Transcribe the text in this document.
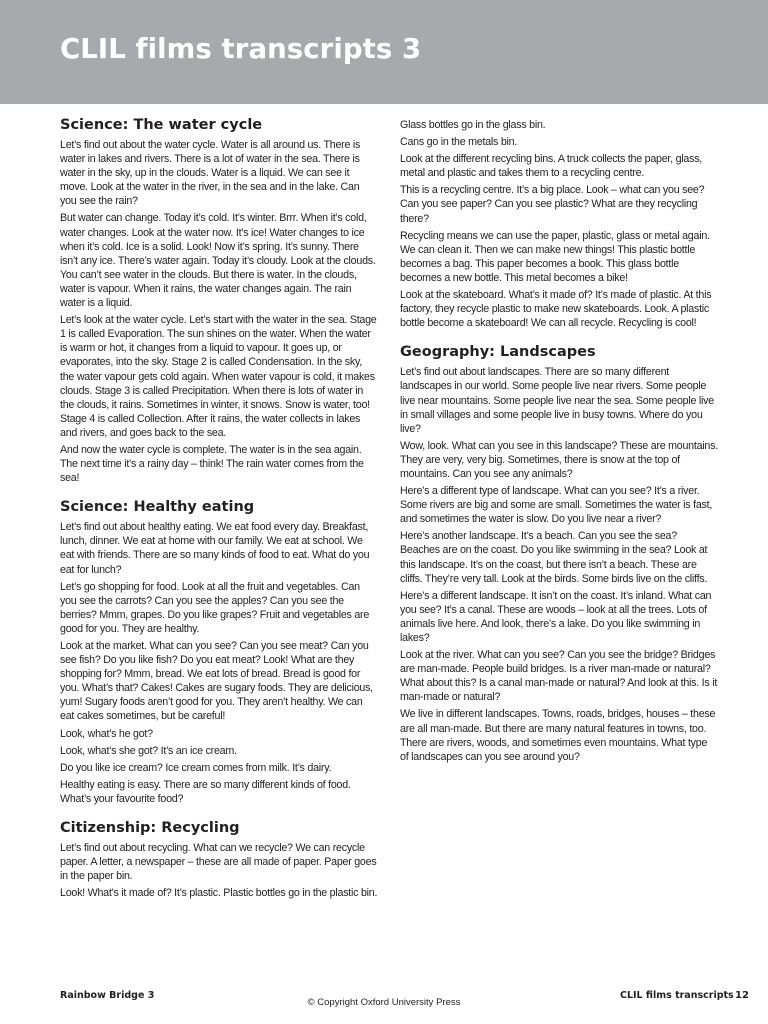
CLIL films transcripts 3
Science: The water cycle

Let’s find out about the water cycle. Water is all around us. There is water in lakes and rivers. There is a lot of water in the sea. There is water in the sky, up in the clouds. Water is a liquid. We can see it move. Look at the water in the river, in the sea and in the lake. Can you see the rain?

But water can change. Today it’s cold. It’s winter. Brrr. When it’s cold, water changes. Look at the water now. It’s ice! Water changes to ice when it’s cold. Ice is a solid. Look! Now it’s spring. It’s sunny. There isn’t any ice. There’s water again. Today it’s cloudy. Look at the clouds. You can’t see water in the clouds. But there is water. In the clouds, water is vapour. When it rains, the water changes again. The rain water is a liquid.

Let’s look at the water cycle. Let’s start with the water in the sea. Stage 1 is called Evaporation. The sun shines on the water. When the water is warm or hot, it changes from a liquid to vapour. It goes up, or evaporates, into the sky. Stage 2 is called Condensation. In the sky, the water vapour gets cold again. When water vapour is cold, it makes clouds. Stage 3 is called Precipitation. When there is lots of water in the clouds, it rains. Sometimes in winter, it snows. Snow is water, too! Stage 4 is called Collection. After it rains, the water collects in lakes and rivers, and goes back to the sea.

And now the water cycle is complete. The water is in the sea again. The next time it’s a rainy day – think! The rain water comes from the sea!

Science: Healthy eating

Let’s find out about healthy eating. We eat food every day. Breakfast, lunch, dinner. We eat at home with our family. We eat at school. We eat with friends. There are so many kinds of food to eat. What do you eat for lunch?

Let’s go shopping for food. Look at all the fruit and vegetables. Can you see the carrots? Can you see the apples? Can you see the berries? Mmm, grapes. Do you like grapes? Fruit and vegetables are good for you. They are healthy.

Look at the market. What can you see? Can you see meat? Can you see fish? Do you like fish? Do you eat meat? Look! What are they shopping for? Mmm, bread. We eat lots of bread. Bread is good for you. What’s that? Cakes! Cakes are sugary foods. They are delicious, yum! Sugary foods aren’t good for you. They aren’t healthy. We can eat cakes sometimes, but be careful!

Look, what’s he got?

Look, what’s she got? It’s an ice cream.

Do you like ice cream? Ice cream comes from milk. It’s dairy.

Healthy eating is easy. There are so many different kinds of food. What’s your favourite food?

Citizenship: Recycling

Let’s find out about recycling. What can we recycle? We can recycle paper. A letter, a newspaper – these are all made of paper. Paper goes in the paper bin.

Look! What’s it made of? It’s plastic. Plastic bottles go in the plastic bin.

Glass bottles go in the glass bin.

Cans go in the metals bin.

Look at the different recycling bins. A truck collects the paper, glass, metal and plastic and takes them to a recycling centre.

This is a recycling centre. It’s a big place. Look – what can you see? Can you see paper? Can you see plastic? What are they recycling there?

Recycling means we can use the paper, plastic, glass or metal again. We can clean it. Then we can make new things! This plastic bottle becomes a bag. This paper becomes a book. This glass bottle becomes a new bottle. This metal becomes a bike!

Look at the skateboard. What’s it made of? It’s made of plastic. At this factory, they recycle plastic to make new skateboards. Look. A plastic bottle become a skateboard! We can all recycle. Recycling is cool!

Geography: Landscapes

Let’s find out about landscapes. There are so many different landscapes in our world. Some people live near rivers. Some people live near mountains. Some people live near the sea. Some people live in small villages and some people live in busy towns. Where do you live?

Wow, look. What can you see in this landscape? These are mountains. They are very, very big. Sometimes, there is snow at the top of mountains. Can you see any animals?

Here’s a different type of landscape. What can you see? It’s a river. Some rivers are big and some are small. Sometimes the water is fast, and sometimes the water is slow. Do you live near a river?

Here’s another landscape. It’s a beach. Can you see the sea? Beaches are on the coast. Do you like swimming in the sea? Look at this landscape. It’s on the coast, but there isn’t a beach. These are cliffs. They’re very tall. Look at the birds. Some birds live on the cliffs.

Here’s a different landscape. It isn’t on the coast. It’s inland. What can you see? It’s a canal. These are woods – look at all the trees. Lots of animals live here. And look, there’s a lake. Do you like swimming in lakes?

Look at the river. What can you see? Can you see the bridge? Bridges are man-made. People build bridges. Is a river man-made or natural? What about this? Is a canal man-made or natural? And look at this. Is it man-made or natural?

We live in different landscapes. Towns, roads, bridges, houses – these are all man-made. But there are many natural features in towns, too. There are rivers, woods, and sometimes even mountains. What type of landscapes can you see around you?

Rainbow Bridge 3
© Copyright Oxford University Press
CLIL films transcripts 12
